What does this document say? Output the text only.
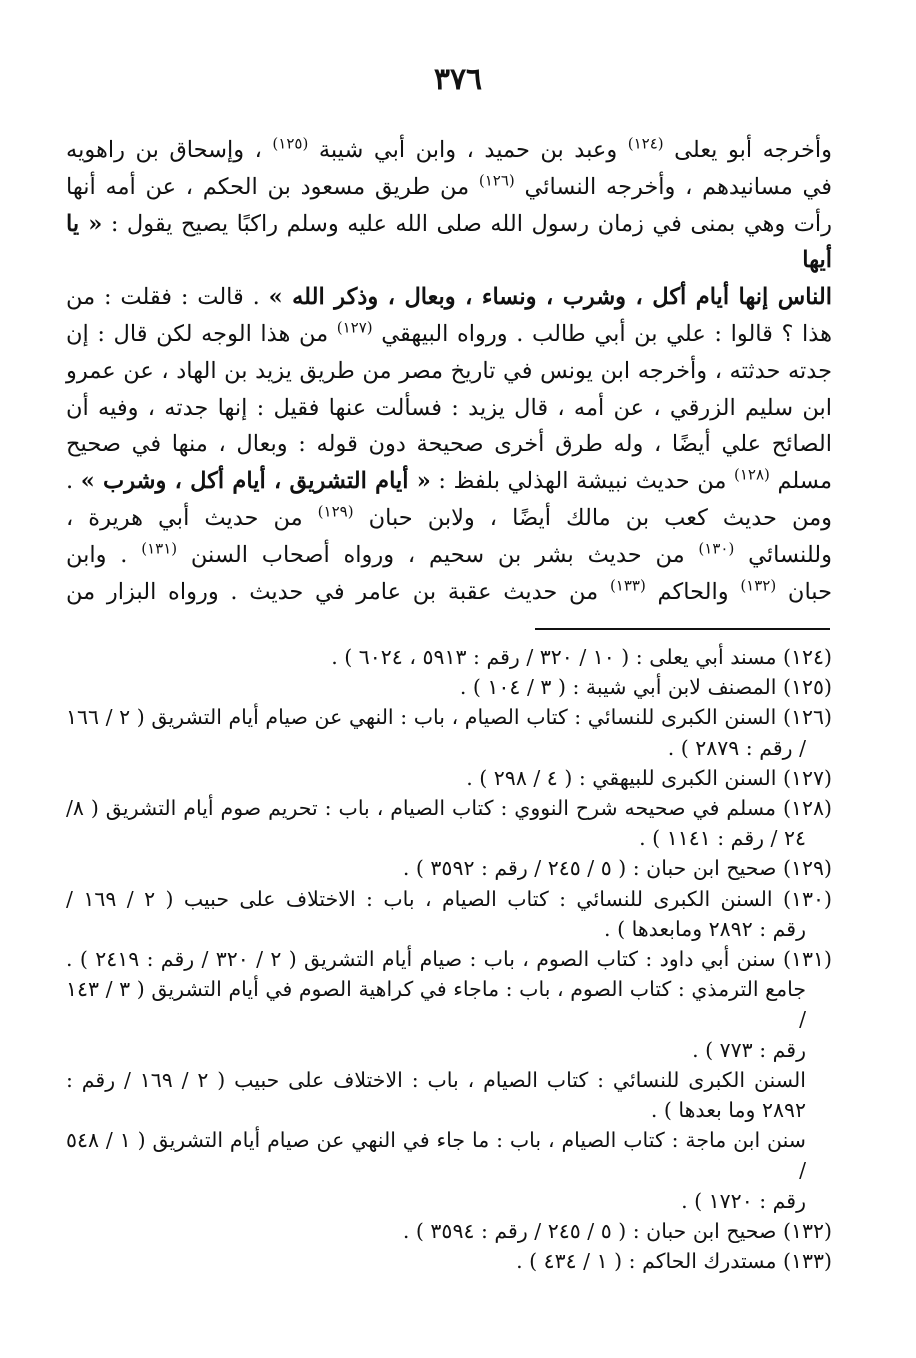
٣٧٦
وأخرجه أبو يعلى $^{(١٢٤)}$ وعبد بن حميد ، وابن أبي شيبة $^{(١٢٥)}$ ، وإسحاق بن راهويه
في مسانيدهم ، وأخرجه النسائي $^{(١٢٦)}$ من طريق مسعود بن الحكم ، عن أمه أنها
رأت وهي بمنى في زمان رسول الله صلى الله عليه وسلم راكبًا يصيح يقول : « يا أيها
الناس إنها أيام أكل ، وشرب ، ونساء ، وبعال ، وذكر الله » . قالت : فقلت : من
هذا ؟ قالوا : علي بن أبي طالب . ورواه البيهقي $^{(١٢٧)}$ من هذا الوجه لكن قال : إن
جدته حدثته ، وأخرجه ابن يونس في تاريخ مصر من طريق يزيد بن الهاد ، عن عمرو
ابن سليم الزرقي ، عن أمه ، قال يزيد : فسألت عنها فقيل : إنها جدته ، وفيه أن
الصائح علي أيضًا ، وله طرق أخرى صحيحة دون قوله : وبعال ، منها في صحيح
مسلم $^{(١٢٨)}$ من حديث نبيشة الهذلي بلفظ : « أيام التشريق ، أيام أكل ، وشرب » .
ومن حديث كعب بن مالك أيضًا ، ولابن حبان $^{(١٢٩)}$ من حديث أبي هريرة ،
وللنسائي $^{(١٣٠)}$ من حديث بشر بن سحيم ، ورواه أصحاب السنن $^{(١٣١)}$ . وابن
حبان $^{(١٣٢)}$ والحاكم $^{(١٣٣)}$ من حديث عقبة بن عامر في حديث . ورواه البزار من
(١٢٤) مسند أبي يعلى : ( ١٠ / ٣٢٠ / رقم : ٥٩١٣ ، ٦٠٢٤ ) .
(١٢٥) المصنف لابن أبي شيبة : ( ٣ / ١٠٤ ) .
(١٢٦) السنن الكبرى للنسائي : كتاب الصيام ، باب : النهي عن صيام أيام التشريق ( ٢ / ١٦٦
/ رقم : ٢٨٧٩ ) .
(١٢٧) السنن الكبرى للبيهقي : ( ٤ / ٢٩٨ ) .
(١٢٨) مسلم في صحيحه شرح النووي : كتاب الصيام ، باب : تحريم صوم أيام التشريق ( ٨/
٢٤ / رقم : ١١٤١ ) .
(١٢٩) صحيح ابن حبان : ( ٥ / ٢٤٥ / رقم : ٣٥٩٢ ) .
(١٣٠) السنن الكبرى للنسائي : كتاب الصيام ، باب : الاختلاف على حبيب ( ٢ / ١٦٩ /
رقم : ٢٨٩٢ ومابعدها ) .
(١٣١) سنن أبي داود : كتاب الصوم ، باب : صيام أيام التشريق ( ٢ / ٣٢٠ / رقم : ٢٤١٩ ) .
جامع الترمذي : كتاب الصوم ، باب : ماجاء في كراهية الصوم في أيام التشريق ( ٣ / ١٤٣ /
رقم : ٧٧٣ ) .
السنن الكبرى للنسائي : كتاب الصيام ، باب : الاختلاف على حبيب ( ٢ / ١٦٩ / رقم :
٢٨٩٢ وما بعدها ) .
سنن ابن ماجة : كتاب الصيام ، باب : ما جاء في النهي عن صيام أيام التشريق ( ١ / ٥٤٨ /
رقم : ١٧٢٠ ) .
(١٣٢) صحيح ابن حبان : ( ٥ / ٢٤٥ / رقم : ٣٥٩٤ ) .
(١٣٣) مستدرك الحاكم : ( ١ / ٤٣٤ ) .
